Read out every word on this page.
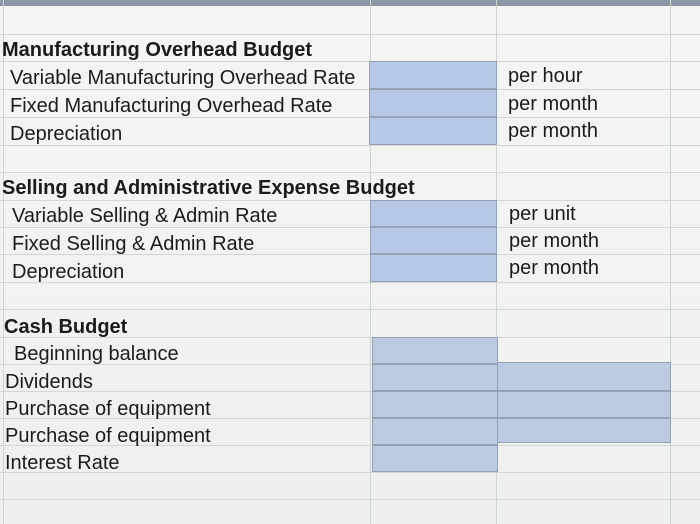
Manufacturing Overhead Budget
Variable Manufacturing Overhead Rate
Fixed Manufacturing Overhead Rate
Depreciation
per hour
per month
per month
Selling and Administrative Expense Budget
Variable Selling & Admin Rate
Fixed Selling & Admin Rate
Depreciation
per unit
per month
per month
Cash Budget
Beginning balance
Dividends
Purchase of equipment
Purchase of equipment
Interest Rate
